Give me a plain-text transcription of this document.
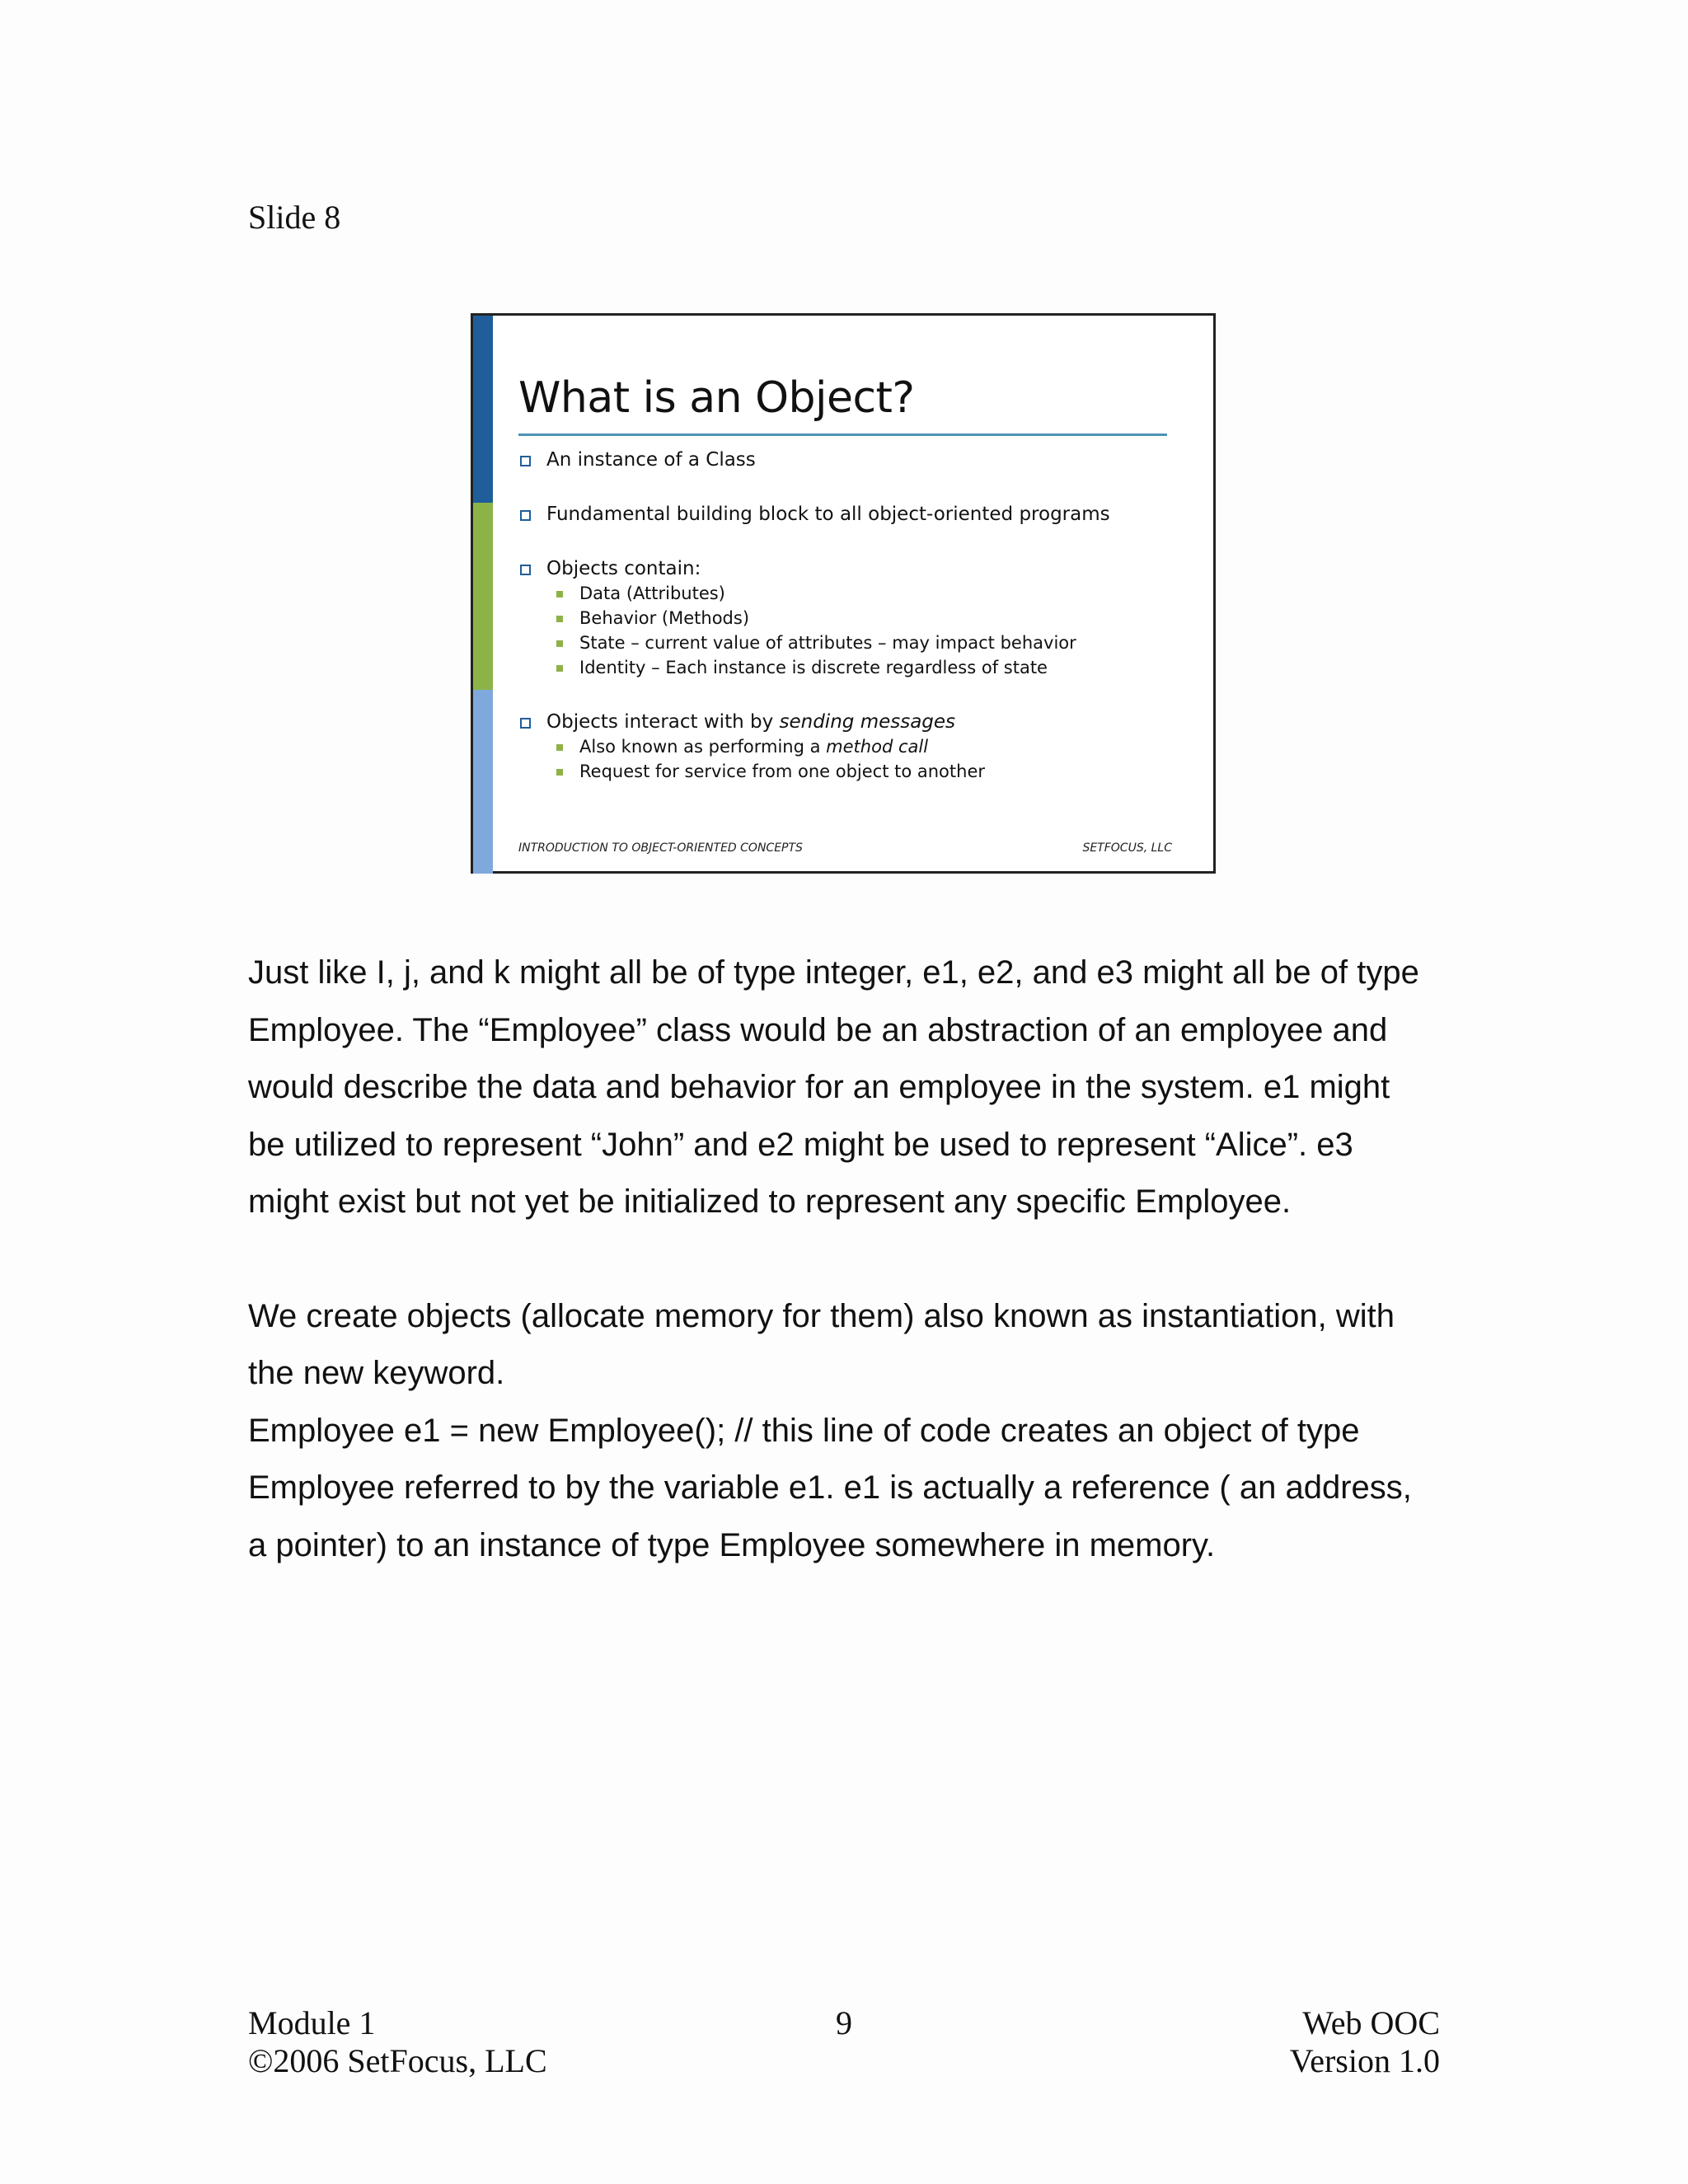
Slide 8
What is an Object?
An instance of a Class
Fundamental building block to all object-oriented programs
Objects contain:
Data (Attributes)
Behavior (Methods)
State – current value of attributes – may impact behavior
Identity – Each instance is discrete regardless of state
Objects interact with by sending messages
Also known as performing a method call
Request for service from one object to another
INTRODUCTION TO OBJECT-ORIENTED CONCEPTS	SETFOCUS, LLC

Just like I, j, and k might all be of type integer, e1, e2, and e3 might all be of type

Employee. The “Employee” class would be an abstraction of an employee and

would describe the data and behavior for an employee in the system. e1 might

be utilized to represent “John” and e2 might be used to represent “Alice”. e3

might exist but not yet be initialized to represent any specific Employee.

We create objects (allocate memory for them) also known as instantiation, with

the new keyword.

Employee e1 = new Employee(); // this line of code creates an object of type

Employee referred to by the variable e1. e1 is actually a reference ( an address,

a pointer) to an instance of type Employee somewhere in memory.

Module 1
©2006 SetFocus, LLC
9	Web OOC
Version 1.0
